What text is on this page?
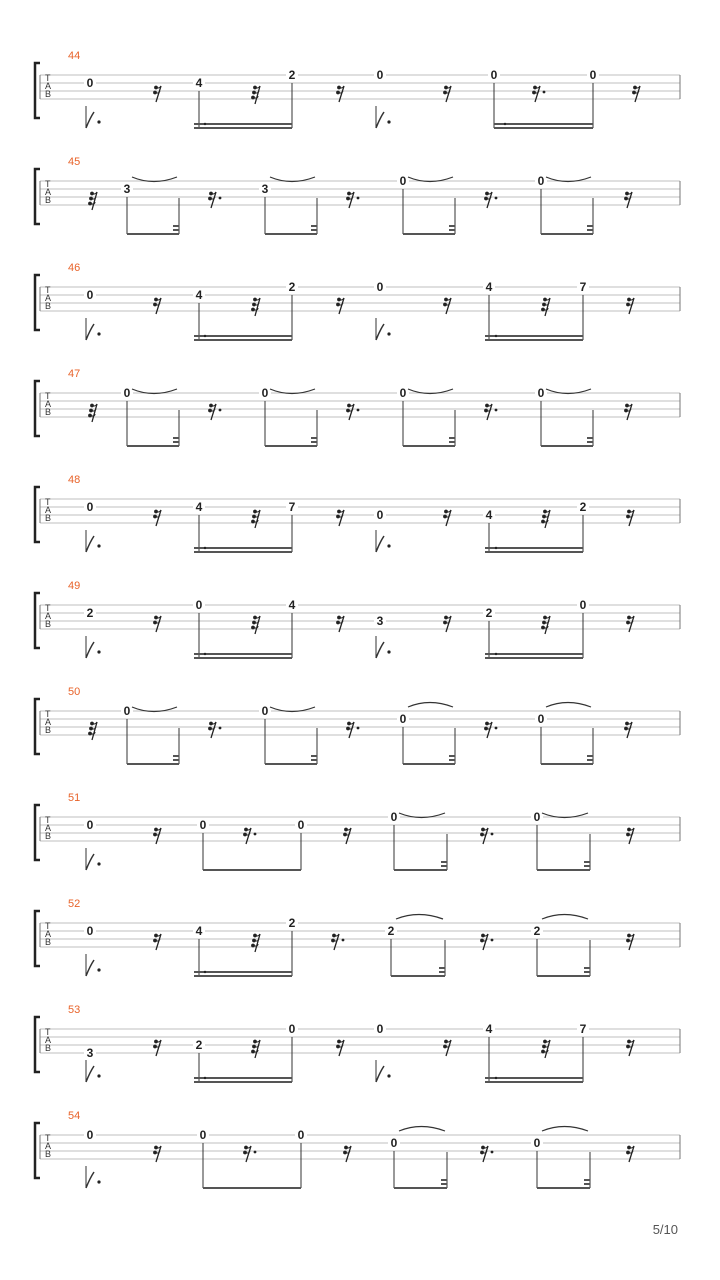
44
T
A
B
0	4
2	0	0	0
45
T
A
B
3	3
0	0
46
T
A
B
0	4
2	0	4	7
47
T
A
B
0	0	0	0
48
T
A
B
0	4	7
0	4
2
49
T
A
B
2
0	4
3
2
0
50
T
A
B
0	0
0	0
51
T
A
B
0	0	0
0	0
52
T
A
B
0	4
2
2	2
53
T
A
B	3
2
0	0	4	7
54
T
A
B
0	0	0
0	0
5/10
